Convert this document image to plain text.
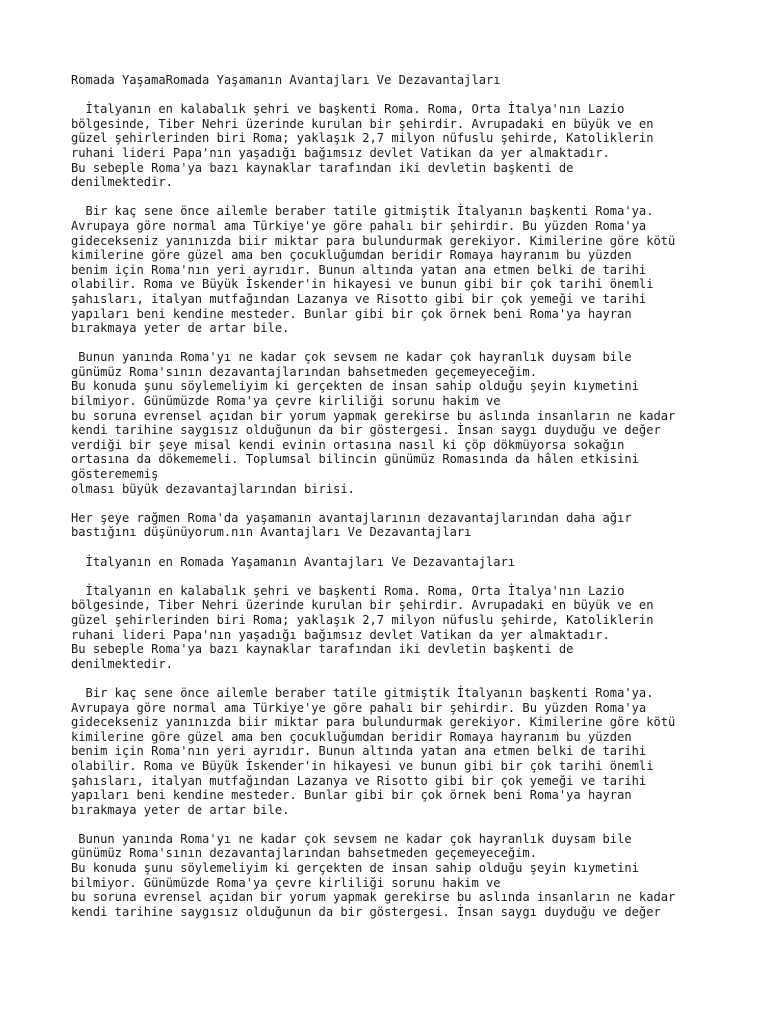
Romada YaşamaRomada Yaşamanın Avantajları Ve Dezavantajları
İtalyanın en kalabalık şehri ve başkenti Roma. Roma, Orta İtalya'nın Lazio
bölgesinde, Tiber Nehri üzerinde kurulan bir şehirdir. Avrupadaki en büyük ve en
güzel şehirlerinden biri Roma; yaklaşık 2,7 milyon nüfuslu şehirde, Katoliklerin
ruhani lideri Papa'nın yaşadığı bağımsız devlet Vatikan da yer almaktadır.
Bu sebeple Roma'ya bazı kaynaklar tarafından iki devletin başkenti de
denilmektedir.
Bir kaç sene önce ailemle beraber tatile gitmiştik İtalyanın başkenti Roma'ya.
Avrupaya göre normal ama Türkiye'ye göre pahalı bir şehirdir. Bu yüzden Roma'ya
gidecekseniz yanınızda biir miktar para bulundurmak gerekiyor. Kimilerine göre kötü
kimilerine göre güzel ama ben çocukluğumdan beridir Romaya hayranım bu yüzden
benim için Roma'nın yeri ayrıdır. Bunun altında yatan ana etmen belki de tarihi
olabilir. Roma ve Büyük İskender'in hikayesi ve bunun gibi bir çok tarihi önemli
şahısları, italyan mutfağından Lazanya ve Risotto gibi bir çok yemeği ve tarihi
yapıları beni kendine mesteder. Bunlar gibi bir çok örnek beni Roma'ya hayran
bırakmaya yeter de artar bile.
Bunun yanında Roma'yı ne kadar çok sevsem ne kadar çok hayranlık duysam bile
günümüz Roma'sının dezavantajlarından bahsetmeden geçemeyeceğim.
Bu konuda şunu söylemeliyim ki gerçekten de insan sahip olduğu şeyin kıymetini
bilmiyor. Günümüzde Roma'ya çevre kirliliği sorunu hakim ve
bu soruna evrensel açıdan bir yorum yapmak gerekirse bu aslında insanların ne kadar
kendi tarihine saygısız olduğunun da bir göstergesi. İnsan saygı duyduğu ve değer
verdiği bir şeye misal kendi evinin ortasına nasıl ki çöp dökmüyorsa sokağın
ortasına da dökememeli. Toplumsal bilincin günümüz Romasında da hâlen etkisini
gösterememiş
olması büyük dezavantajlarından birisi.
Her şeye rağmen Roma'da yaşamanın avantajlarının dezavantajlarından daha ağır
bastığını düşünüyorum.nın Avantajları Ve Dezavantajları
İtalyanın en Romada Yaşamanın Avantajları Ve Dezavantajları
İtalyanın en kalabalık şehri ve başkenti Roma. Roma, Orta İtalya'nın Lazio
bölgesinde, Tiber Nehri üzerinde kurulan bir şehirdir. Avrupadaki en büyük ve en
güzel şehirlerinden biri Roma; yaklaşık 2,7 milyon nüfuslu şehirde, Katoliklerin
ruhani lideri Papa'nın yaşadığı bağımsız devlet Vatikan da yer almaktadır.
Bu sebeple Roma'ya bazı kaynaklar tarafından iki devletin başkenti de
denilmektedir.
Bir kaç sene önce ailemle beraber tatile gitmiştik İtalyanın başkenti Roma'ya.
Avrupaya göre normal ama Türkiye'ye göre pahalı bir şehirdir. Bu yüzden Roma'ya
gidecekseniz yanınızda biir miktar para bulundurmak gerekiyor. Kimilerine göre kötü
kimilerine göre güzel ama ben çocukluğumdan beridir Romaya hayranım bu yüzden
benim için Roma'nın yeri ayrıdır. Bunun altında yatan ana etmen belki de tarihi
olabilir. Roma ve Büyük İskender'in hikayesi ve bunun gibi bir çok tarihi önemli
şahısları, italyan mutfağından Lazanya ve Risotto gibi bir çok yemeği ve tarihi
yapıları beni kendine mesteder. Bunlar gibi bir çok örnek beni Roma'ya hayran
bırakmaya yeter de artar bile.
Bunun yanında Roma'yı ne kadar çok sevsem ne kadar çok hayranlık duysam bile
günümüz Roma'sının dezavantajlarından bahsetmeden geçemeyeceğim.
Bu konuda şunu söylemeliyim ki gerçekten de insan sahip olduğu şeyin kıymetini
bilmiyor. Günümüzde Roma'ya çevre kirliliği sorunu hakim ve
bu soruna evrensel açıdan bir yorum yapmak gerekirse bu aslında insanların ne kadar
kendi tarihine saygısız olduğunun da bir göstergesi. İnsan saygı duyduğu ve değer
